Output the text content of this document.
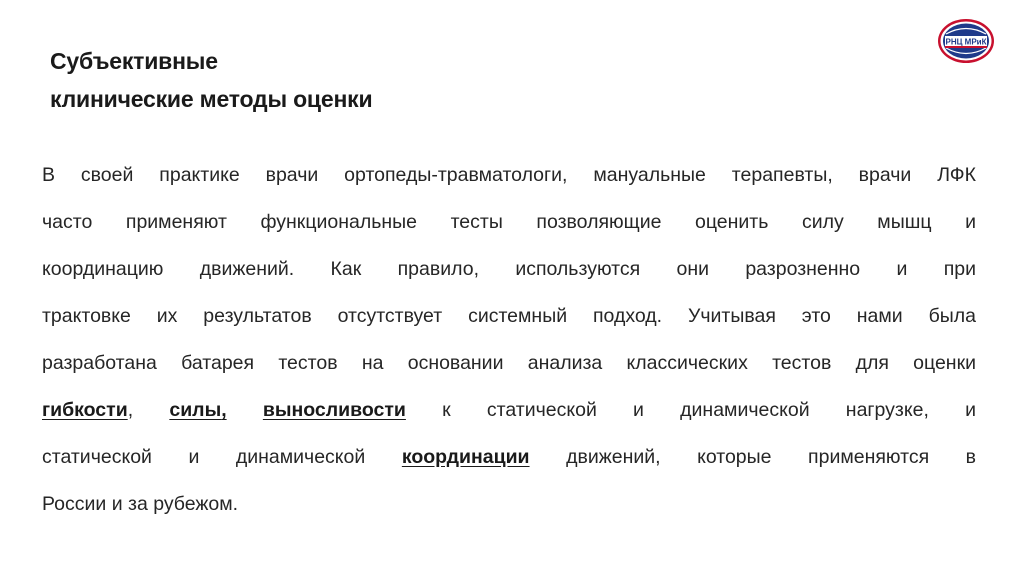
Субъективные
клинические методы оценки
РНЦ МРиК
В своей практике врачи ортопеды-травматологи, мануальные терапевты, врачи ЛФК
часто применяют функциональные тесты позволяющие оценить силу мышц и
координацию движений. Как правило, используются они разрозненно и при
трактовке их результатов отсутствует системный подход. Учитывая это нами была
разработана батарея тестов на основании анализа классических тестов для оценки
гибкости, силы, выносливости к статической и динамической нагрузке, и
статической и динамической координации движений, которые применяются в
России и за рубежом.
